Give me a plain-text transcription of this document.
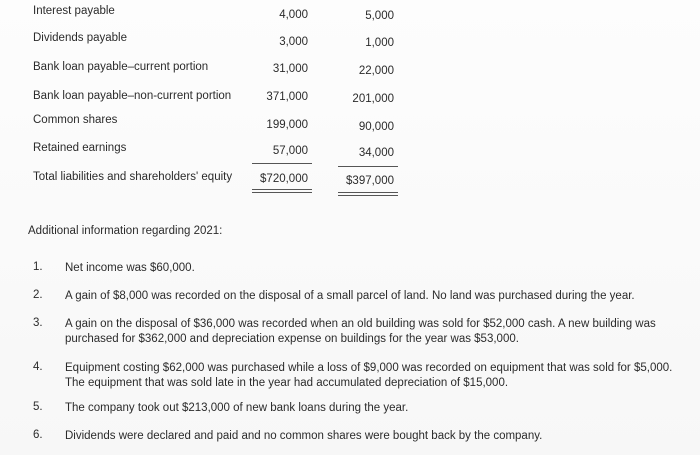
Interest payable	4,000	5,000
Dividends payable	3,000	1,000
Bank loan payable–current portion	31,000	22,000
Bank loan payable–non-current portion	371,000	201,000
Common shares	199,000	90,000
Retained earnings	57,000	34,000
Total liabilities and shareholders' equity	$720,000	$397,000
Additional information regarding 2021:
1.	Net income was $60,000.
2.	A gain of $8,000 was recorded on the disposal of a small parcel of land. No land was purchased during the year.
3.	A gain on the disposal of $36,000 was recorded when an old building was sold for $52,000 cash. A new building was purchased for $362,000 and depreciation expense on buildings for the year was $53,000.
4.	Equipment costing $62,000 was purchased while a loss of $9,000 was recorded on equipment that was sold for $5,000. The equipment that was sold late in the year had accumulated depreciation of $15,000.
5.	The company took out $213,000 of new bank loans during the year.
6.	Dividends were declared and paid and no common shares were bought back by the company.
